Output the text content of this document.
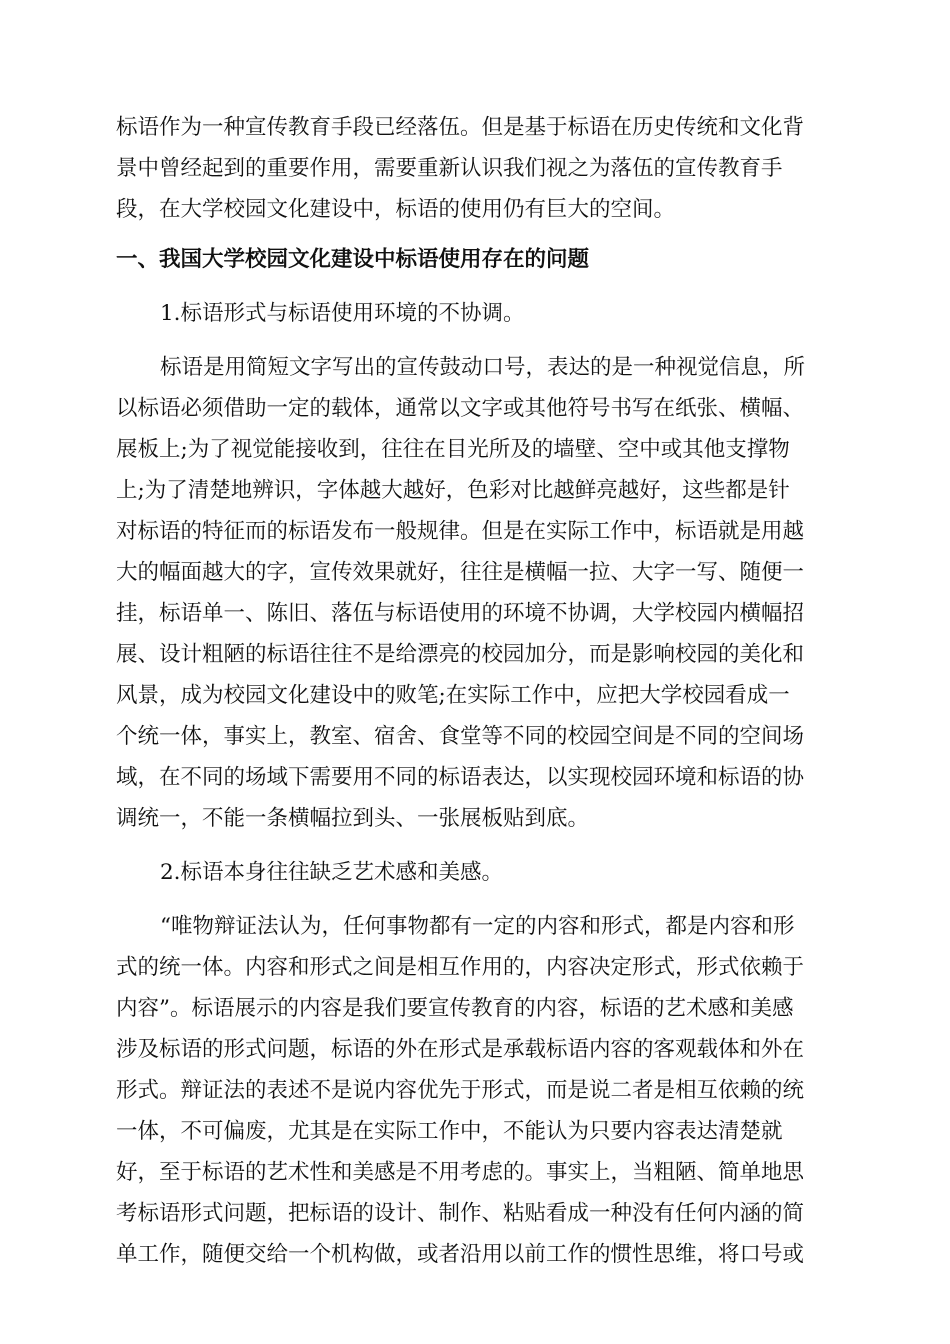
标语作为一种宣传教育手段已经落伍。但是基于标语在历史传统和文化背
景中曾经起到的重要作用，需要重新认识我们视之为落伍的宣传教育手
段，在大学校园文化建设中，标语的使用仍有巨大的空间。
一、我国大学校园文化建设中标语使用存在的问题
1.标语形式与标语使用环境的不协调。
标语是用简短文字写出的宣传鼓动口号，表达的是一种视觉信息，所
以标语必须借助一定的载体，通常以文字或其他符号书写在纸张、横幅、
展板上;为了视觉能接收到，往往在目光所及的墙壁、空中或其他支撑物
上;为了清楚地辨识，字体越大越好，色彩对比越鲜亮越好，这些都是针
对标语的特征而的标语发布一般规律。但是在实际工作中，标语就是用越
大的幅面越大的字，宣传效果就好，往往是横幅一拉、大字一写、随便一
挂，标语单一、陈旧、落伍与标语使用的环境不协调，大学校园内横幅招
展、设计粗陋的标语往往不是给漂亮的校园加分，而是影响校园的美化和
风景，成为校园文化建设中的败笔;在实际工作中，应把大学校园看成一
个统一体，事实上，教室、宿舍、食堂等不同的校园空间是不同的空间场
域，在不同的场域下需要用不同的标语表达，以实现校园环境和标语的协
调统一，不能一条横幅拉到头、一张展板贴到底。
2.标语本身往往缺乏艺术感和美感。
“唯物辩证法认为，任何事物都有一定的内容和形式，都是内容和形
式的统一体。内容和形式之间是相互作用的，内容决定形式，形式依赖于
内容”。标语展示的内容是我们要宣传教育的内容，标语的艺术感和美感
涉及标语的形式问题，标语的外在形式是承载标语内容的客观载体和外在
形式。辩证法的表述不是说内容优先于形式，而是说二者是相互依赖的统
一体，不可偏废，尤其是在实际工作中，不能认为只要内容表达清楚就
好，至于标语的艺术性和美感是不用考虑的。事实上，当粗陋、简单地思
考标语形式问题，把标语的设计、制作、粘贴看成一种没有任何内涵的简
单工作，随便交给一个机构做，或者沿用以前工作的惯性思维，将口号或
